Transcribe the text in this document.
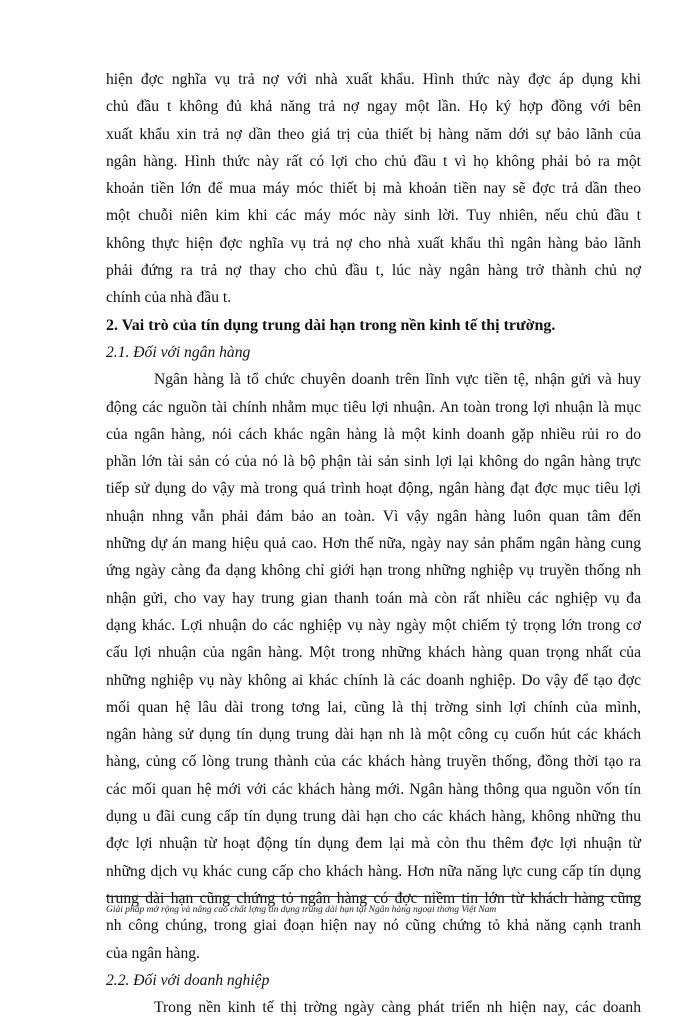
hiện đợc nghĩa vụ trả nợ với nhà xuất khẩu. Hình thức này đợc áp dụng khi
chủ đầu t không đủ khả năng trả nợ ngay một lần. Họ ký hợp đồng với bên
xuất khẩu xin trả nợ dần theo giá trị của thiết bị hàng năm dới sự bảo lãnh của
ngân hàng. Hình thức này rất có lợi cho chủ đầu t vì họ không phải bỏ ra một
khoản tiền lớn để mua máy móc thiết bị mà khoản tiền nay sẽ đợc trả dần theo
một chuỗi niên kim khi các máy móc này sinh lời. Tuy nhiên, nếu chủ đầu t
không thực hiện đợc nghĩa vụ trả nợ cho nhà xuất khẩu thì ngân hàng bảo lãnh
phải đứng ra trả nợ thay cho chủ đầu t, lúc này ngân hàng trở thành chủ nợ
chính của nhà đầu t.
2. Vai trò của tín dụng trung dài hạn trong nền kinh tế thị trường.
2.1. Đối với ngân hàng
Ngân hàng là tổ chức chuyên doanh trên lĩnh vực tiền tệ, nhận gửi và huy
động các nguồn tài chính nhằm mục tiêu lợi nhuận. An toàn trong lợi nhuận là mục
của ngân hàng, nói cách khác ngân hàng là một kinh doanh gặp nhiều rủi ro do
phần lớn tài sản có của nó là bộ phận tài sản sinh lợi lại không do ngân hàng trực
tiếp sử dụng do vậy mà trong quá trình hoạt động, ngân hàng đạt đợc mục tiêu lợi
nhuận nhng vẫn phải đảm bảo an toàn. Vì vậy ngân hàng luôn quan tâm đến
những dự án mang hiệu quả cao. Hơn thế nữa, ngày nay sản phẩm ngân hàng cung
ứng ngày càng đa dạng không chỉ giới hạn trong những nghiệp vụ truyền thống nh
nhận gửi, cho vay hay trung gian thanh toán mà còn rất nhiều các nghiệp vụ đa
dạng khác. Lợi nhuận do các nghiệp vụ này ngày một chiếm tỷ trọng lớn trong cơ
cấu lợi nhuận của ngân hàng. Một trong những khách hàng quan trọng nhất của
những nghiệp vụ này không ai khác chính là các doanh nghiệp. Do vậy để tạo đợc
mối quan hệ lâu dài trong tơng lai, cũng là thị trờng sinh lợi chính của mình,
ngân hàng sử dụng tín dụng trung dài hạn nh là một công cụ cuốn hút các khách
hàng, củng cố lòng trung thành của các khách hàng truyền thống, đồng thời tạo ra
các mối quan hệ mới với các khách hàng mới. Ngân hàng thông qua nguồn vốn tín
dụng u đãi cung cấp tín dụng trung dài hạn cho các khách hàng, không những thu
đợc lợi nhuận từ hoạt động tín dụng đem lại mà còn thu thêm đợc lợi nhuận từ
những dịch vụ khác cung cấp cho khách hàng. Hơn nữa năng lực cung cấp tín dụng
trung dài hạn cũng chứng tỏ ngân hàng có đợc niềm tin lớn từ khách hàng cũng
nh công chúng, trong giai đoạn hiện nay nó cũng chứng tỏ khả năng cạnh tranh
của ngân hàng.
2.2. Đối với doanh nghiệp
Trong nền kinh tế thị trờng ngày càng phát triển nh hiện nay, các doanh
Giải pháp mở rộng và nâng cao chất lợng tín dụng trung dài hạn tại Ngân hàng ngoại thơng Việt Nam
